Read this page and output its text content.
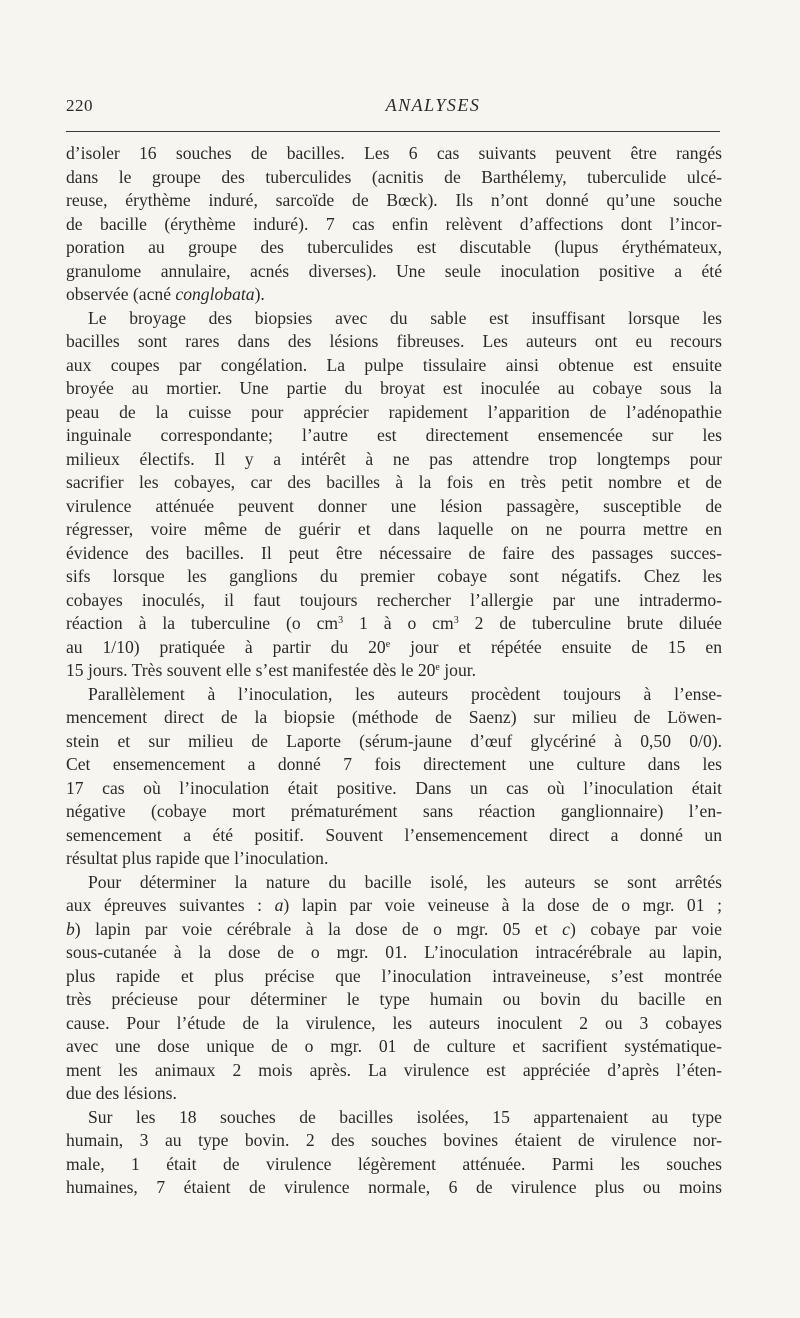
220	ANALYSES
d’isoler 16 souches de bacilles. Les 6 cas suivants peuvent être rangés
dans le groupe des tuberculides (acnitis de Barthélemy, tuberculide ulcé-
reuse, érythème induré, sarcoïde de Bœck). Ils n’ont donné qu’une souche
de bacille (érythème induré). 7 cas enfin relèvent d’affections dont l’incor-
poration au groupe des tuberculides est discutable (lupus érythémateux,
granulome annulaire, acnés diverses). Une seule inoculation positive a été
observée (acné conglobata).
Le broyage des biopsies avec du sable est insuffisant lorsque les
bacilles sont rares dans des lésions fibreuses. Les auteurs ont eu recours
aux coupes par congélation. La pulpe tissulaire ainsi obtenue est ensuite
broyée au mortier. Une partie du broyat est inoculée au cobaye sous la
peau de la cuisse pour apprécier rapidement l’apparition de l’adénopathie
inguinale correspondante; l’autre est directement ensemencée sur les
milieux électifs. Il y a intérêt à ne pas attendre trop longtemps pour
sacrifier les cobayes, car des bacilles à la fois en très petit nombre et de
virulence atténuée peuvent donner une lésion passagère, susceptible de
régresser, voire même de guérir et dans laquelle on ne pourra mettre en
évidence des bacilles. Il peut être nécessaire de faire des passages succes-
sifs lorsque les ganglions du premier cobaye sont négatifs. Chez les
cobayes inoculés, il faut toujours rechercher l’allergie par une intradermo-
réaction à la tuberculine (o $cm^3$ 1 à o $cm^3$ 2 de tuberculine brute diluée
au 1/10) pratiquée à partir du 20e jour et répétée ensuite de 15 en
15 jours. Très souvent elle s’est manifestée dès le 20e jour.
Parallèlement à l’inoculation, les auteurs procèdent toujours à l’ense-
mencement direct de la biopsie (méthode de Saenz) sur milieu de Löwen-
stein et sur milieu de Laporte (sérum-jaune d’œuf glycériné à 0,50 0/0).
Cet ensemencement a donné 7 fois directement une culture dans les
17 cas où l’inoculation était positive. Dans un cas où l’inoculation était
négative (cobaye mort prématurément sans réaction ganglionnaire) l’en-
semencement a été positif. Souvent l’ensemencement direct a donné un
résultat plus rapide que l’inoculation.
Pour déterminer la nature du bacille isolé, les auteurs se sont arrêtés
aux épreuves suivantes : a) lapin par voie veineuse à la dose de o mgr. 01 ;
b) lapin par voie cérébrale à la dose de o mgr. 05 et c) cobaye par voie
sous-cutanée à la dose de o mgr. 01. L’inoculation intracérébrale au lapin,
plus rapide et plus précise que l’inoculation intraveineuse, s’est montrée
très précieuse pour déterminer le type humain ou bovin du bacille en
cause. Pour l’étude de la virulence, les auteurs inoculent 2 ou 3 cobayes
avec une dose unique de o mgr. 01 de culture et sacrifient systématique-
ment les animaux 2 mois après. La virulence est appréciée d’après l’éten-
due des lésions.
Sur les 18 souches de bacilles isolées, 15 appartenaient au type
humain, 3 au type bovin. 2 des souches bovines étaient de virulence nor-
male, 1 était de virulence légèrement atténuée. Parmi les souches
humaines, 7 étaient de virulence normale, 6 de virulence plus ou moins
